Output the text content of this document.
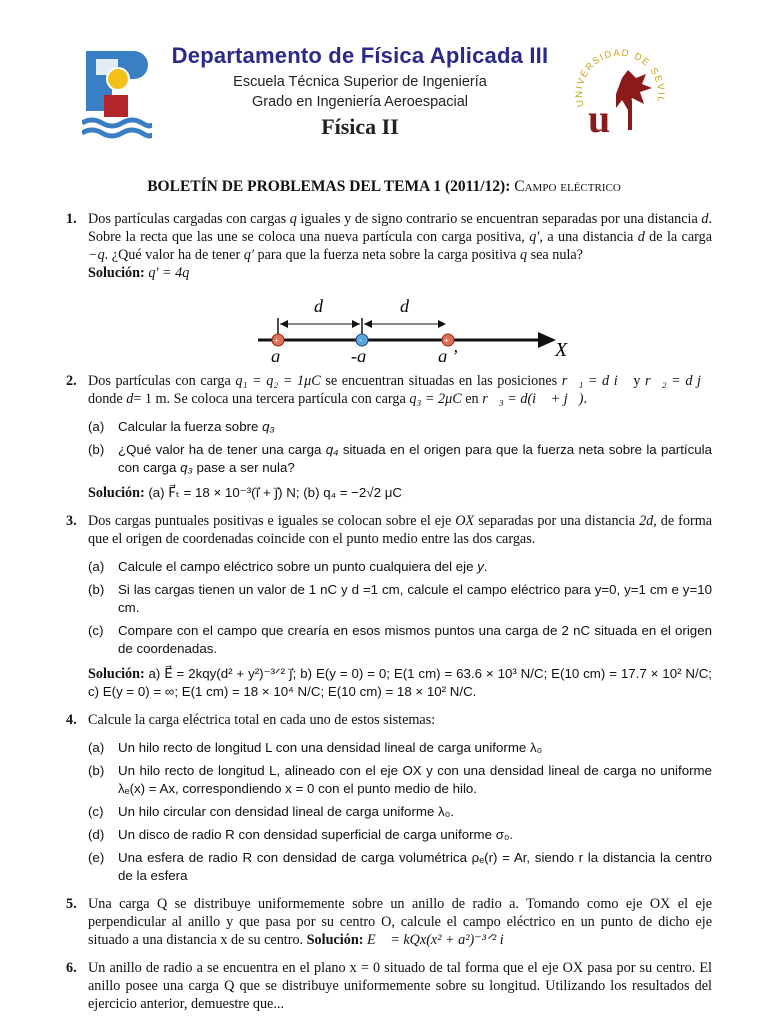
Departamento de Física Aplicada III
Escuela Técnica Superior de Ingeniería
Grado en Ingeniería Aeroespacial
Física II
UNIVERSIDAD DE SEVIL
u
BOLETÍN DE PROBLEMAS DEL TEMA 1 (2011/12): Campo eléctrico
1. Dos partículas cargadas con cargas q iguales y de signo contrario se encuentran separadas por una distancia d. Sobre la recta que las une se coloca una nueva partícula con carga positiva, q′, a una distancia d de la carga −q. ¿Qué valor ha de tener q′ para que la fuerza neta sobre la carga positiva q sea nula?
Solución: q′ = 4q
+	-	+
d	d
q	-q	q ’	X
2. Dos partículas con carga q₁ = q₂ = 1μC se encuentran situadas en las posiciones r⃗₁ = d i⃗ y r⃗₂ = d j⃗ donde d= 1 m. Se coloca una tercera partícula con carga q₃ = 2μC en r⃗₃ = d(i⃗ + j⃗).
(a) Calcular la fuerza sobre q₃
(b) ¿Qué valor ha de tener una carga q₄ situada en el origen para que la fuerza neta sobre la partícula con carga q₃ pase a ser nula?
Solución: (a) F⃗ₜ = 18 × 10⁻³(i⃗ + j⃗) N; (b) q₄ = −2√2 μC
3. Dos cargas puntuales positivas e iguales se colocan sobre el eje OX separadas por una distancia 2d, de forma que el origen de coordenadas coincide con el punto medio entre las dos cargas.
(a) Calcule el campo eléctrico sobre un punto cualquiera del eje y.
(b) Si las cargas tienen un valor de 1 nC y d =1 cm, calcule el campo eléctrico para y=0, y=1 cm e y=10 cm.
(c) Compare con el campo que crearía en esos mismos puntos una carga de 2 nC situada en el origen de coordenadas.
Solución: a) E⃗ = 2kqy(d² + y²)⁻³ᐟ² j⃗; b) E(y = 0) = 0; E(1 cm) = 63.6 × 10³ N/C; E(10 cm) = 17.7 × 10² N/C; c) E(y = 0) = ∞; E(1 cm) = 18 × 10⁴ N/C; E(10 cm) = 18 × 10² N/C.
4. Calcule la carga eléctrica total en cada uno de estos sistemas:
(a) Un hilo recto de longitud L con una densidad lineal de carga uniforme λ₀
(b) Un hilo recto de longitud L, alineado con el eje OX y con una densidad lineal de carga no uniforme λₑ(x) = Ax, correspondiendo x = 0 con el punto medio de hilo.
(c) Un hilo circular con densidad lineal de carga uniforme λ₀.
(d) Un disco de radio R con densidad superficial de carga uniforme σ₀.
(e) Una esfera de radio R con densidad de carga volumétrica ρₑ(r) = Ar, siendo r la distancia la centro de la esfera
5. Una carga Q se distribuye uniformemente sobre un anillo de radio a. Tomando como eje OX el eje perpendicular al anillo y que pasa por su centro O, calcule el campo eléctrico en un punto de dicho eje situado a una distancia x de su centro. Solución: E⃗ = kQx(x² + a²)⁻³ᐟ² i⃗
6. Un anillo de radio a se encuentra en el plano x = 0 situado de tal forma que el eje OX pasa por su centro. El anillo posee una carga Q que se distribuye uniformemente sobre su longitud. Utilizando los resultados del ejercicio anterior, demuestre que...
